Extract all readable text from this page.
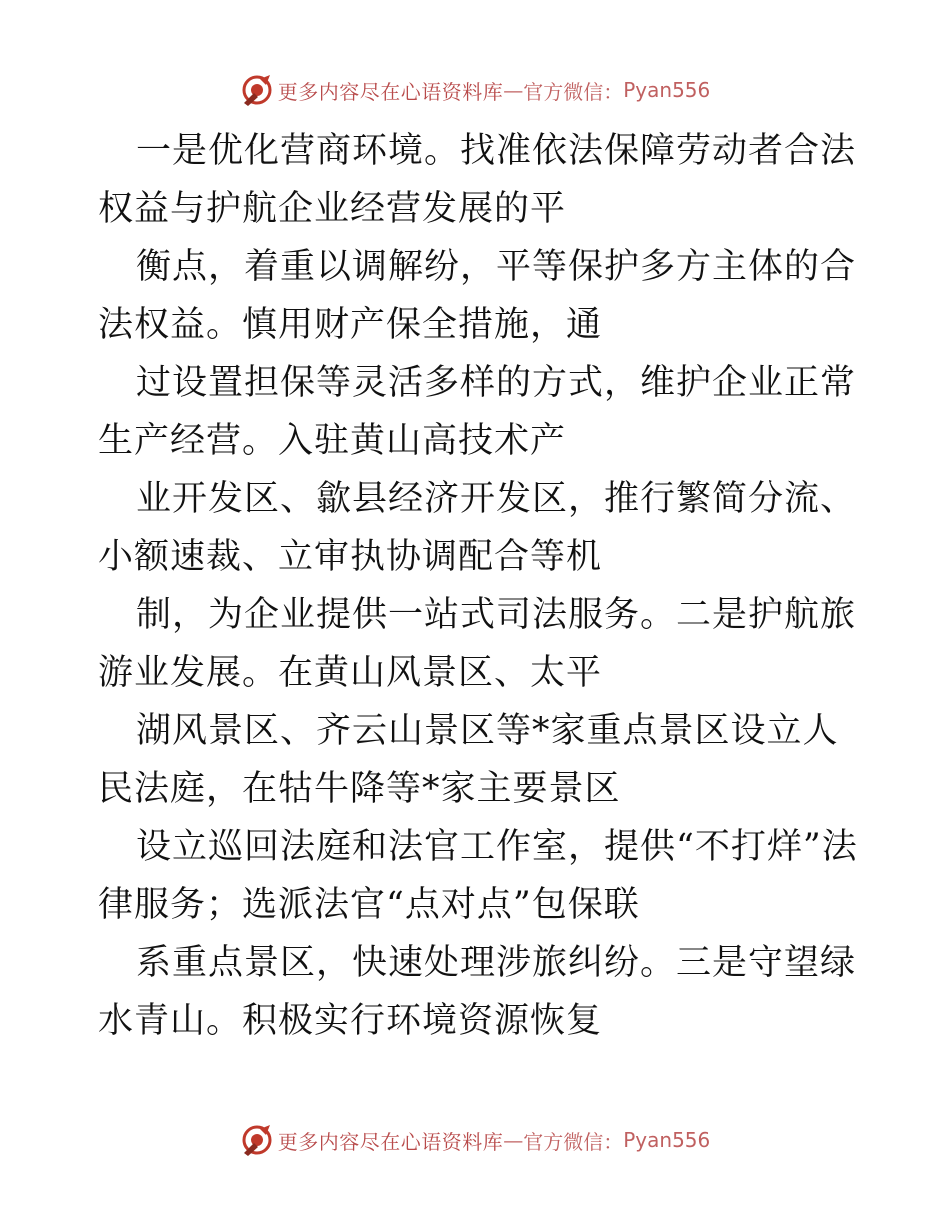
更多内容尽在心语资料库 — 官方微信： Pyan556

一是优化营商环境。找准依法保障劳动者合法权益与护航企业经营发展的平

衡点，着重以调解纷，平等保护多方主体的合法权益。慎用财产保全措施，通

过设置担保等灵活多样的方式，维护企业正常生产经营。入驻黄山高技术产

业开发区、歙县经济开发区，推行繁简分流、小额速裁、立审执协调配合等机

制，为企业提供一站式司法服务。二是护航旅游业发展。在黄山风景区、太平

湖风景区、齐云山景区等*家重点景区设立人民法庭，在牯牛降等*家主要景区

设立巡回法庭和法官工作室，提供“不打烊”法律服务；选派法官“点对点”包保联

系重点景区，快速处理涉旅纠纷。三是守望绿水青山。积极实行环境资源恢复

更多内容尽在心语资料库 — 官方微信： Pyan556
